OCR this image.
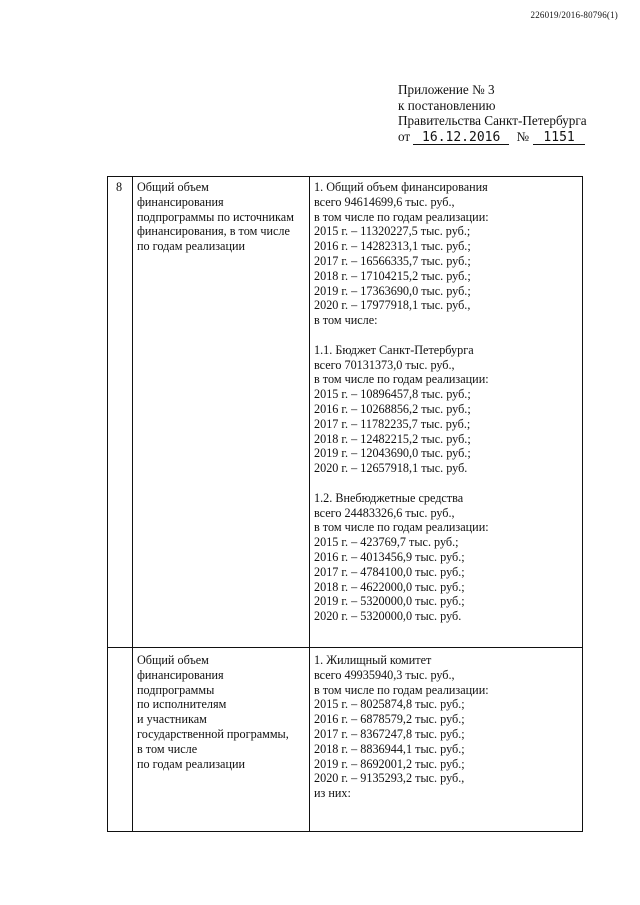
226019/2016-80796(1)
Приложение № 3
к постановлению
Правительства Санкт-Петербурга
от 16.12.2016 № 1151
8 Общий объем
финансирования
подпрограммы по источникам
финансирования, в том числе
по годам реализации
1. Общий объем финансирования
всего 94614699,6 тыс. руб.,
в том числе по годам реализации:
2015 г. – 11320227,5 тыс. руб.;
2016 г. – 14282313,1 тыс. руб.;
2017 г. – 16566335,7 тыс. руб.;
2018 г. – 17104215,2 тыс. руб.;
2019 г. – 17363690,0 тыс. руб.;
2020 г. – 17977918,1 тыс. руб.,
в том числе:
1.1. Бюджет Санкт-Петербурга
всего 70131373,0 тыс. руб.,
в том числе по годам реализации:
2015 г. – 10896457,8 тыс. руб.;
2016 г. – 10268856,2 тыс. руб.;
2017 г. – 11782235,7 тыс. руб.;
2018 г. – 12482215,2 тыс. руб.;
2019 г. – 12043690,0 тыс. руб.;
2020 г. – 12657918,1 тыс. руб.
1.2. Внебюджетные средства
всего 24483326,6 тыс. руб.,
в том числе по годам реализации:
2015 г. – 423769,7 тыс. руб.;
2016 г. – 4013456,9 тыс. руб.;
2017 г. – 4784100,0 тыс. руб.;
2018 г. – 4622000,0 тыс. руб.;
2019 г. – 5320000,0 тыс. руб.;
2020 г. – 5320000,0 тыс. руб.
Общий объем
финансирования
подпрограммы
по исполнителям
и участникам
государственной программы,
в том числе
по годам реализации
1. Жилищный комитет
всего 49935940,3 тыс. руб.,
в том числе по годам реализации:
2015 г. – 8025874,8 тыс. руб.;
2016 г. – 6878579,2 тыс. руб.;
2017 г. – 8367247,8 тыс. руб.;
2018 г. – 8836944,1 тыс. руб.;
2019 г. – 8692001,2 тыс. руб.;
2020 г. – 9135293,2 тыс. руб.,
из них:
